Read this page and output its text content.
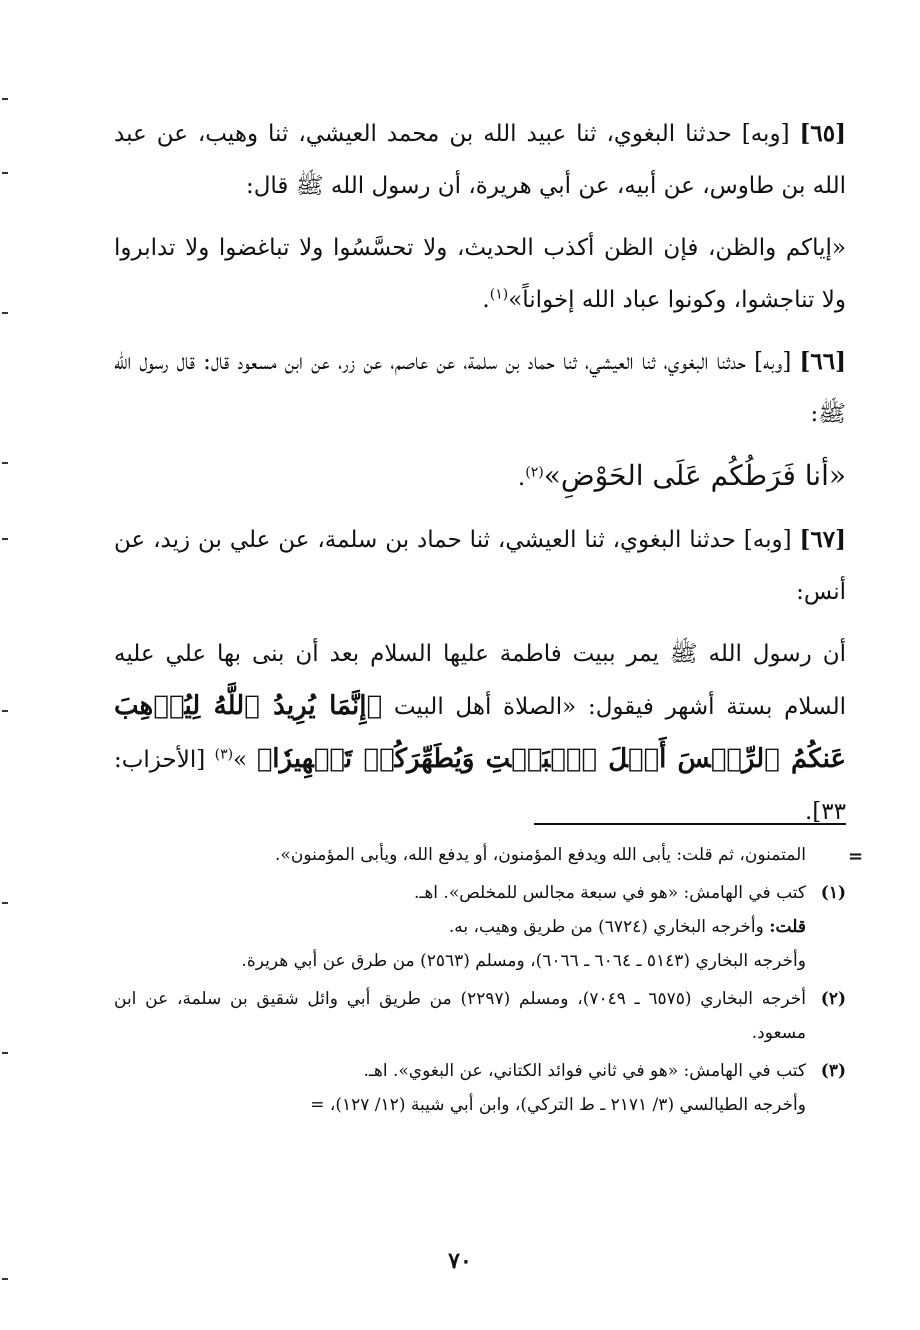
[٦٥] [وبه] حدثنا البغوي، ثنا عبيد الله بن محمد العيشي، ثنا وهيب، عن عبد الله بن طاوس، عن أبيه، عن أبي هريرة، أن رسول الله ﷺ قال:

«إياكم والظن، فإن الظن أكذب الحديث، ولا تحسَّسُوا ولا تباغضوا ولا تدابروا ولا تناجشوا، وكونوا عباد الله إخواناً»$^{(١)}$.

[٦٦] [وبه] حدثنا البغوي، ثنا العيشي، ثنا حماد بن سلمة، عن عاصم، عن زر، عن ابن مسعود قال: قال رسول الله ﷺ:

«أنا فَرَطُكُم عَلَى الحَوْضِ»$^{(٢)}$.

[٦٧] [وبه] حدثنا البغوي، ثنا العيشي، ثنا حماد بن سلمة، عن علي بن زيد، عن أنس:

أن رسول الله ﷺ يمر ببيت فاطمة عليها السلام بعد أن بنى بها علي عليه السلام بستة أشهر فيقول: «الصلاة أهل البيت ﴿إِنَّمَا يُرِيدُ ٱللَّهُ لِيُذۡهِبَ عَنكُمُ ٱلرِّجۡسَ أَهۡلَ ٱلۡبَيۡتِ وَيُطَهِّرَكُمۡ تَطۡهِيرٗا﴾ »$^{(٣)}$ [الأحزاب: ٣٣].

المتمنون، ثم قلت: يأبى الله ويدفع المؤمنون، أو يدفع الله، ويأبى المؤمنون».
(١)
كتب في الهامش: «هو في سبعة مجالس للمخلص». اهـ.
قلت: وأخرجه البخاري (٦٧٢٤) من طريق وهيب، به.
وأخرجه البخاري (٥١٤٣ ـ ٦٠٦٤ ـ ٦٠٦٦)، ومسلم (٢٥٦٣) من طرق عن أبي هريرة.
(٢)
أخرجه البخاري (٦٥٧٥ ـ ٧٠٤٩)، ومسلم (٢٢٩٧) من طريق أبي وائل شقيق بن سلمة، عن ابن مسعود.
(٣)
كتب في الهامش: «هو في ثاني فوائد الكتاني، عن البغوي». اهـ.
وأخرجه الطيالسي (٣/ ٢١٧١ ـ ط التركي)، وابن أبي شيبة (١٢/ ١٢٧)، =
=
٧٠
